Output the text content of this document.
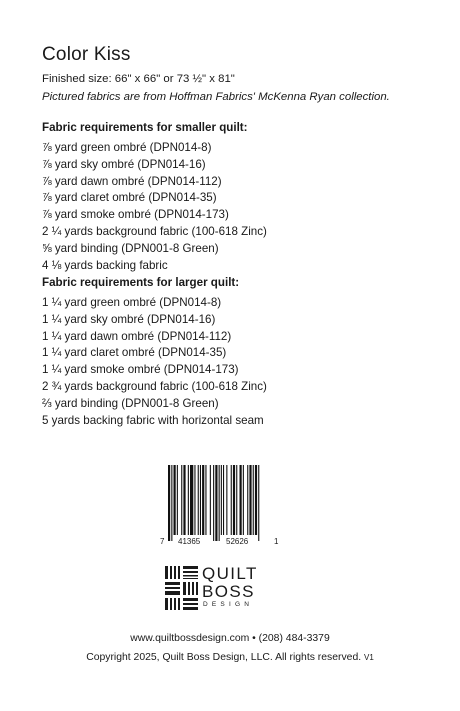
Color Kiss
Finished size: 66" x 66" or 73 ½" x 81"
Pictured fabrics are from Hoffman Fabrics' McKenna Ryan collection.
Fabric requirements for smaller quilt:
⅞ yard green ombré (DPN014-8)
⅞ yard sky ombré (DPN014-16)
⅞ yard dawn ombré (DPN014-112)
⅞ yard claret ombré (DPN014-35)
⅞ yard smoke ombré (DPN014-173)
2 ¼ yards background fabric (100-618 Zinc)
⅝ yard binding (DPN001-8 Green)
4 ⅛ yards backing fabric
Fabric requirements for larger quilt:
1 ¼ yard green ombré (DPN014-8)
1 ¼ yard sky ombré (DPN014-16)
1 ¼ yard dawn ombré (DPN014-112)
1 ¼ yard claret ombré (DPN014-35)
1 ¼ yard smoke ombré (DPN014-173)
2 ¾ yards background fabric (100-618 Zinc)
⅔ yard binding (DPN001-8 Green)
5 yards backing fabric with horizontal seam
7 41365	52626	1
QUILT
BOSS
DESIGN
www.quiltbossdesign.com • (208) 484-3379
Copyright 2025, Quilt Boss Design, LLC. All rights reserved. V1
